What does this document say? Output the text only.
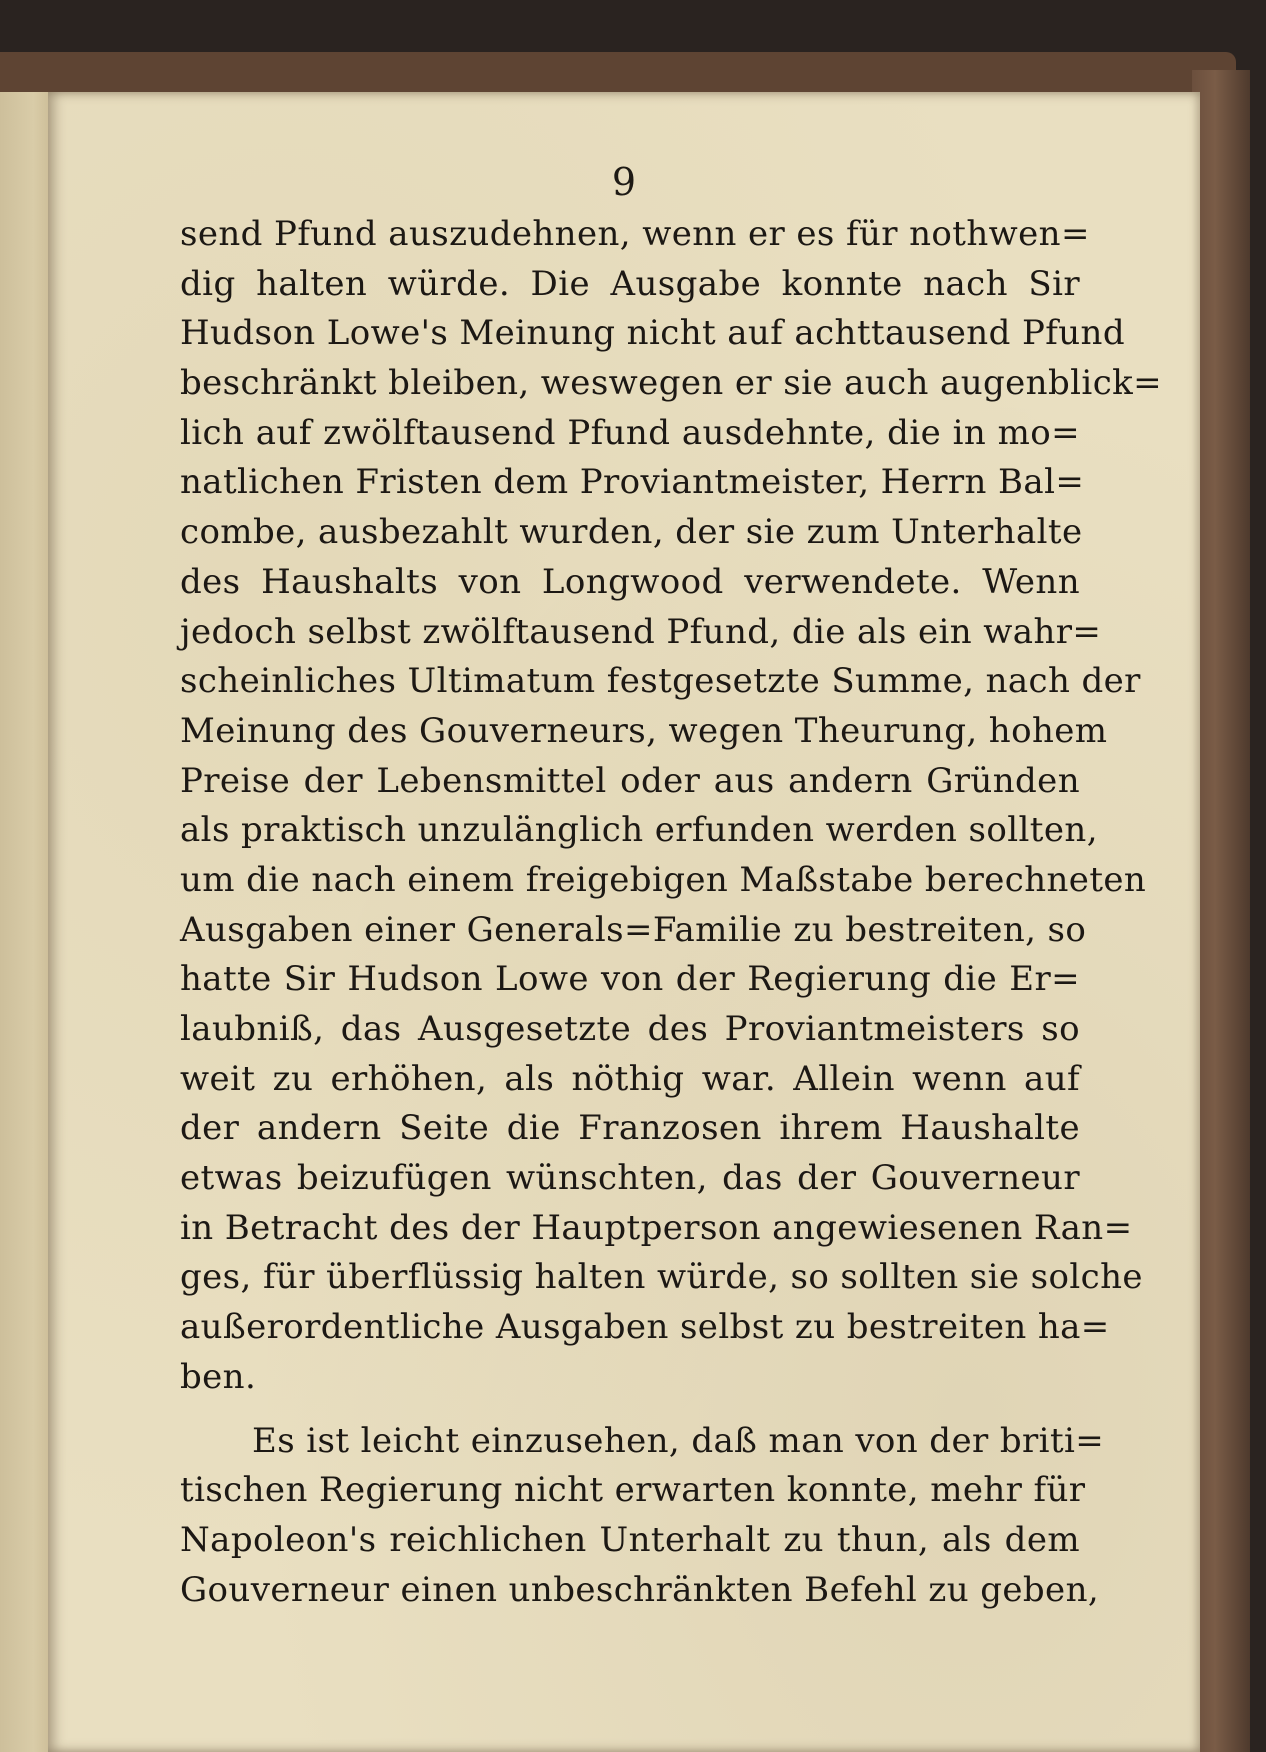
9
send Pfund auszudehnen, wenn er es für nothwen=
dig halten würde. Die Ausgabe konnte nach Sir
Hudson Lowe's Meinung nicht auf achttausend Pfund
beschränkt bleiben, weswegen er sie auch augenblick=
lich auf zwölftausend Pfund ausdehnte, die in mo=
natlichen Fristen dem Proviantmeister, Herrn Bal=
combe, ausbezahlt wurden, der sie zum Unterhalte
des Haushalts von Longwood verwendete. Wenn
jedoch selbst zwölftausend Pfund, die als ein wahr=
scheinliches Ultimatum festgesetzte Summe, nach der
Meinung des Gouverneurs, wegen Theurung, hohem
Preise der Lebensmittel oder aus andern Gründen
als praktisch unzulänglich erfunden werden sollten,
um die nach einem freigebigen Maßstabe berechneten
Ausgaben einer Generals=Familie zu bestreiten, so
hatte Sir Hudson Lowe von der Regierung die Er=
laubniß, das Ausgesetzte des Proviantmeisters so
weit zu erhöhen, als nöthig war. Allein wenn auf
der andern Seite die Franzosen ihrem Haushalte
etwas beizufügen wünschten, das der Gouverneur
in Betracht des der Hauptperson angewiesenen Ran=
ges, für überflüssig halten würde, so sollten sie solche
außerordentliche Ausgaben selbst zu bestreiten ha=
ben.
Es ist leicht einzusehen, daß man von der briti=
tischen Regierung nicht erwarten konnte, mehr für
Napoleon's reichlichen Unterhalt zu thun, als dem
Gouverneur einen unbeschränkten Befehl zu geben,
